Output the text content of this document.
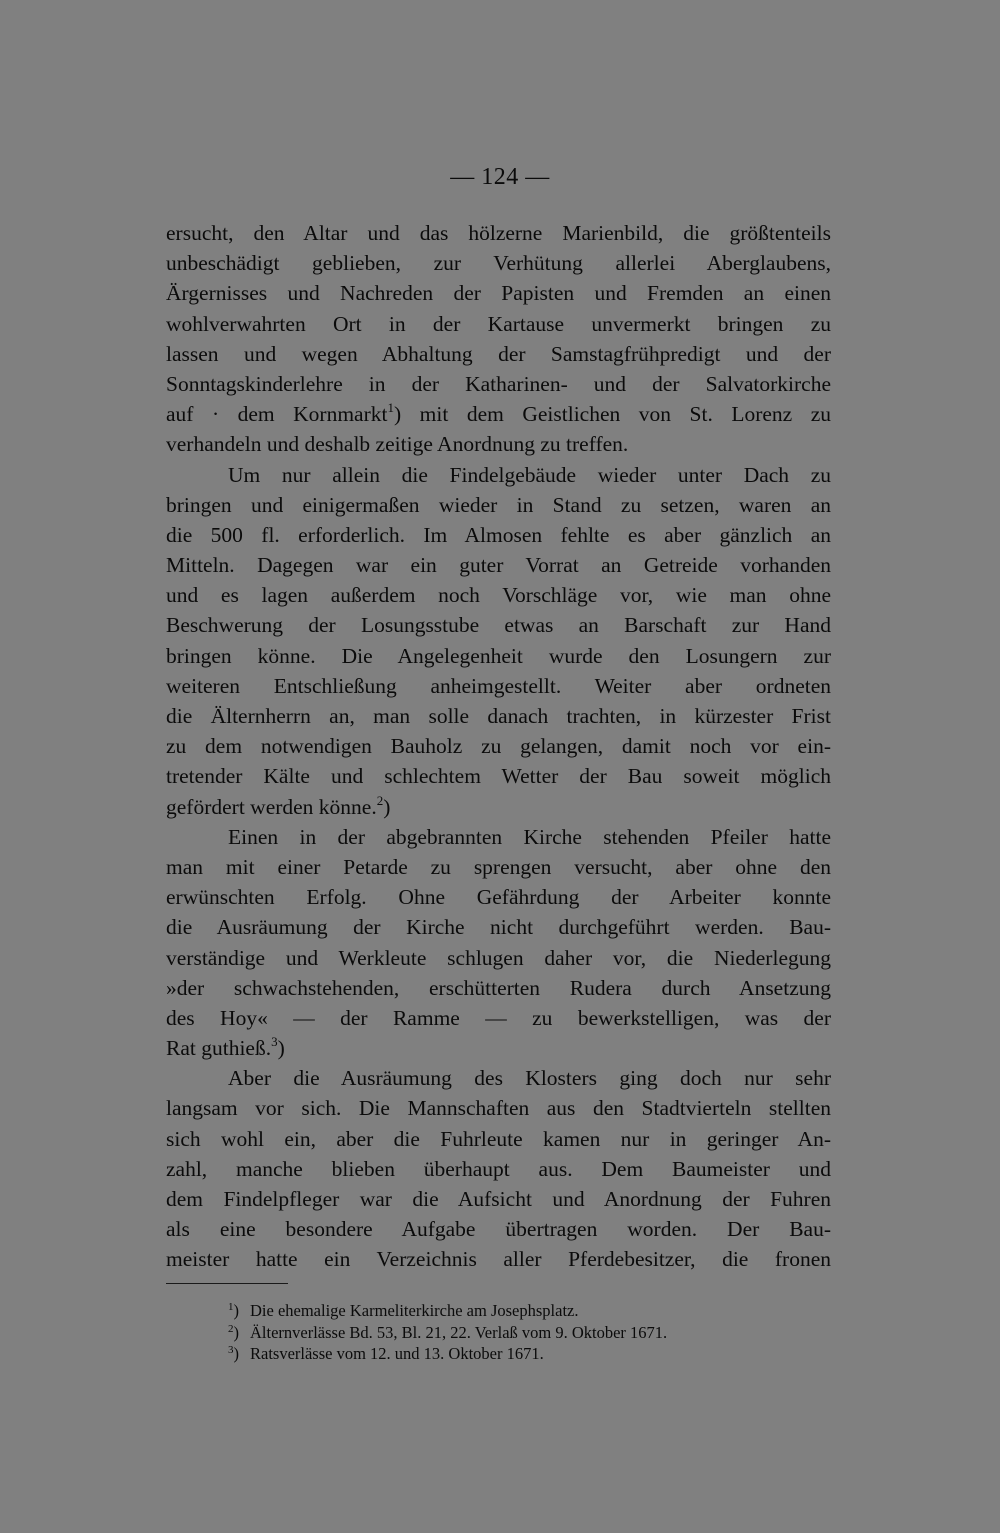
— 124 —
ersucht, den Altar und das hölzerne Marienbild, die größtenteils
unbeschädigt geblieben, zur Verhütung allerlei Aberglaubens,
Ärgernisses und Nachreden der Papisten und Fremden an einen
wohlverwahrten Ort in der Kartause unvermerkt bringen zu
lassen und wegen Abhaltung der Samstagfrühpredigt und der
Sonntagskinderlehre in der Katharinen- und der Salvatorkirche
auf · dem Kornmarkt$^1$) mit dem Geistlichen von St. Lorenz zu
verhandeln und deshalb zeitige Anordnung zu treffen.
Um nur allein die Findelgebäude wieder unter Dach zu
bringen und einigermaßen wieder in Stand zu setzen, waren an
die 500 fl. erforderlich. Im Almosen fehlte es aber gänzlich an
Mitteln. Dagegen war ein guter Vorrat an Getreide vorhanden
und es lagen außerdem noch Vorschläge vor, wie man ohne
Beschwerung der Losungsstube etwas an Barschaft zur Hand
bringen könne. Die Angelegenheit wurde den Losungern zur
weiteren Entschließung anheimgestellt. Weiter aber ordneten
die Älternherrn an, man solle danach trachten, in kürzester Frist
zu dem notwendigen Bauholz zu gelangen, damit noch vor ein-
tretender Kälte und schlechtem Wetter der Bau soweit möglich
gefördert werden könne.$^2$)
Einen in der abgebrannten Kirche stehenden Pfeiler hatte
man mit einer Petarde zu sprengen versucht, aber ohne den
erwünschten Erfolg. Ohne Gefährdung der Arbeiter konnte
die Ausräumung der Kirche nicht durchgeführt werden. Bau-
verständige und Werkleute schlugen daher vor, die Niederlegung
»der schwachstehenden, erschütterten Rudera durch Ansetzung
des Hoy« — der Ramme — zu bewerkstelligen, was der
Rat guthieß.$^3$)
Aber die Ausräumung des Klosters ging doch nur sehr
langsam vor sich. Die Mannschaften aus den Stadtvierteln stellten
sich wohl ein, aber die Fuhrleute kamen nur in geringer An-
zahl, manche blieben überhaupt aus. Dem Baumeister und
dem Findelpfleger war die Aufsicht und Anordnung der Fuhren
als eine besondere Aufgabe übertragen worden. Der Bau-
meister hatte ein Verzeichnis aller Pferdebesitzer, die fronen
$^1$) Die ehemalige Karmeliterkirche am Josephsplatz.
$^2$) Älternverlässe Bd. 53, Bl. 21, 22. Verlaß vom 9. Oktober 1671.
$^3$) Ratsverlässe vom 12. und 13. Oktober 1671.
